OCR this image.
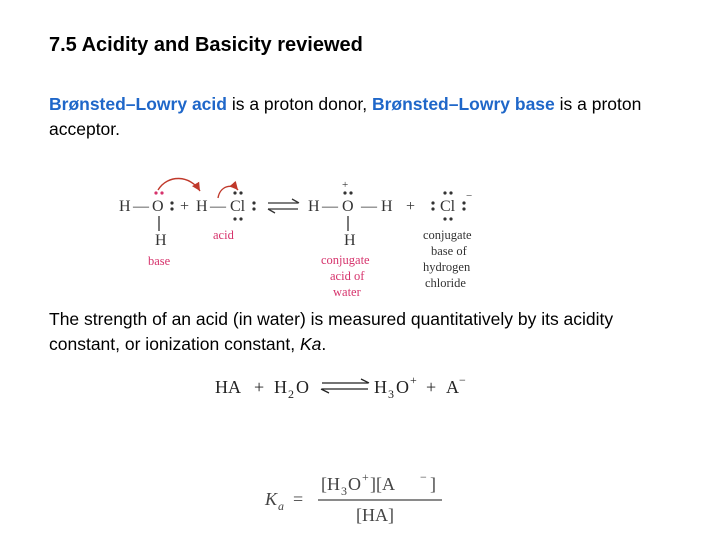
7.5 Acidity and Basicity reviewed
Brønsted–Lowry acid is a proton donor, Brønsted–Lowry base is a proton acceptor.
H — O
H
+ H — Cl	H — O — H
H
+
+ Cl
−
base
acid
conjugate
acid of
water
conjugate
base of
hydrogen
chloride
HA + H 2 O	H 3 O + + A −
K a =
[H 3 O + ][A − ]
[HA]
The strength of an acid (in water) is measured quantitatively by its acidity constant, or ionization constant, Ka.
